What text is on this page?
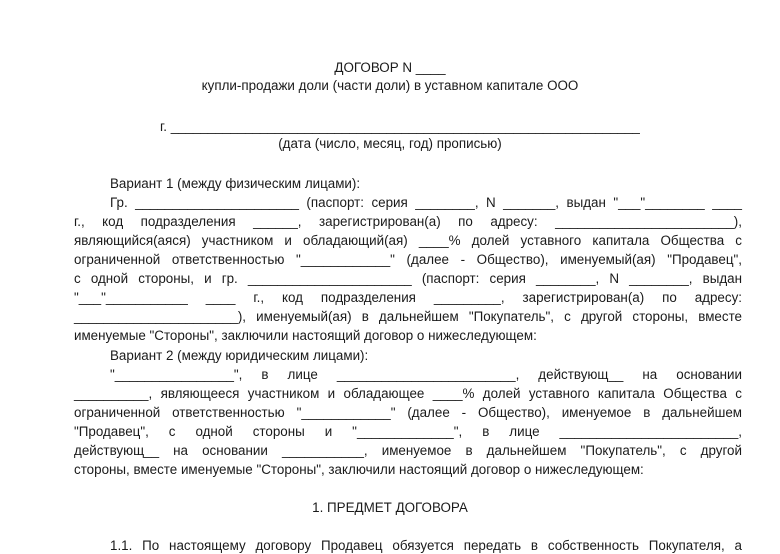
ДОГОВОР N ____
купли-продажи доли (части доли) в уставном капитале ООО
г. _______________________________________________________________
(дата (число, месяц, год) прописью)
Вариант 1 (между физическим лицами):
Гр. ______________________ (паспорт: серия ________, N _______, выдан "___"________ ____
г., код подразделения ______, зарегистрирован(а) по адресу: ________________________),
являющийся(аяся) участником и обладающий(ая) ____% долей уставного капитала Общества с
ограниченной ответственностью "____________" (далее - Общество), именуемый(ая) "Продавец",
с одной стороны, и гр. ______________________ (паспорт: серия ________, N ________, выдан
"___"___________ ____ г., код подразделения _________, зарегистрирован(а) по адресу:
______________________), именуемый(ая) в дальнейшем "Покупатель", с другой стороны, вместе
именуемые "Стороны", заключили настоящий договор о нижеследующем:
Вариант 2 (между юридическим лицами):
"________________", в лице ________________________, действующ__ на основании
__________, являющееся участником и обладающее ____% долей уставного капитала Общества с
ограниченной ответственностью "____________" (далее - Общество), именуемое в дальнейшем
"Продавец", с одной стороны и "_____________", в лице ________________________,
действующ__ на основании ___________, именуемое в дальнейшем "Покупатель", с другой
стороны, вместе именуемые "Стороны", заключили настоящий договор о нижеследующем:
1. ПРЕДМЕТ ДОГОВОРА
1.1. По настоящему договору Продавец обязуется передать в собственность Покупателя, а
